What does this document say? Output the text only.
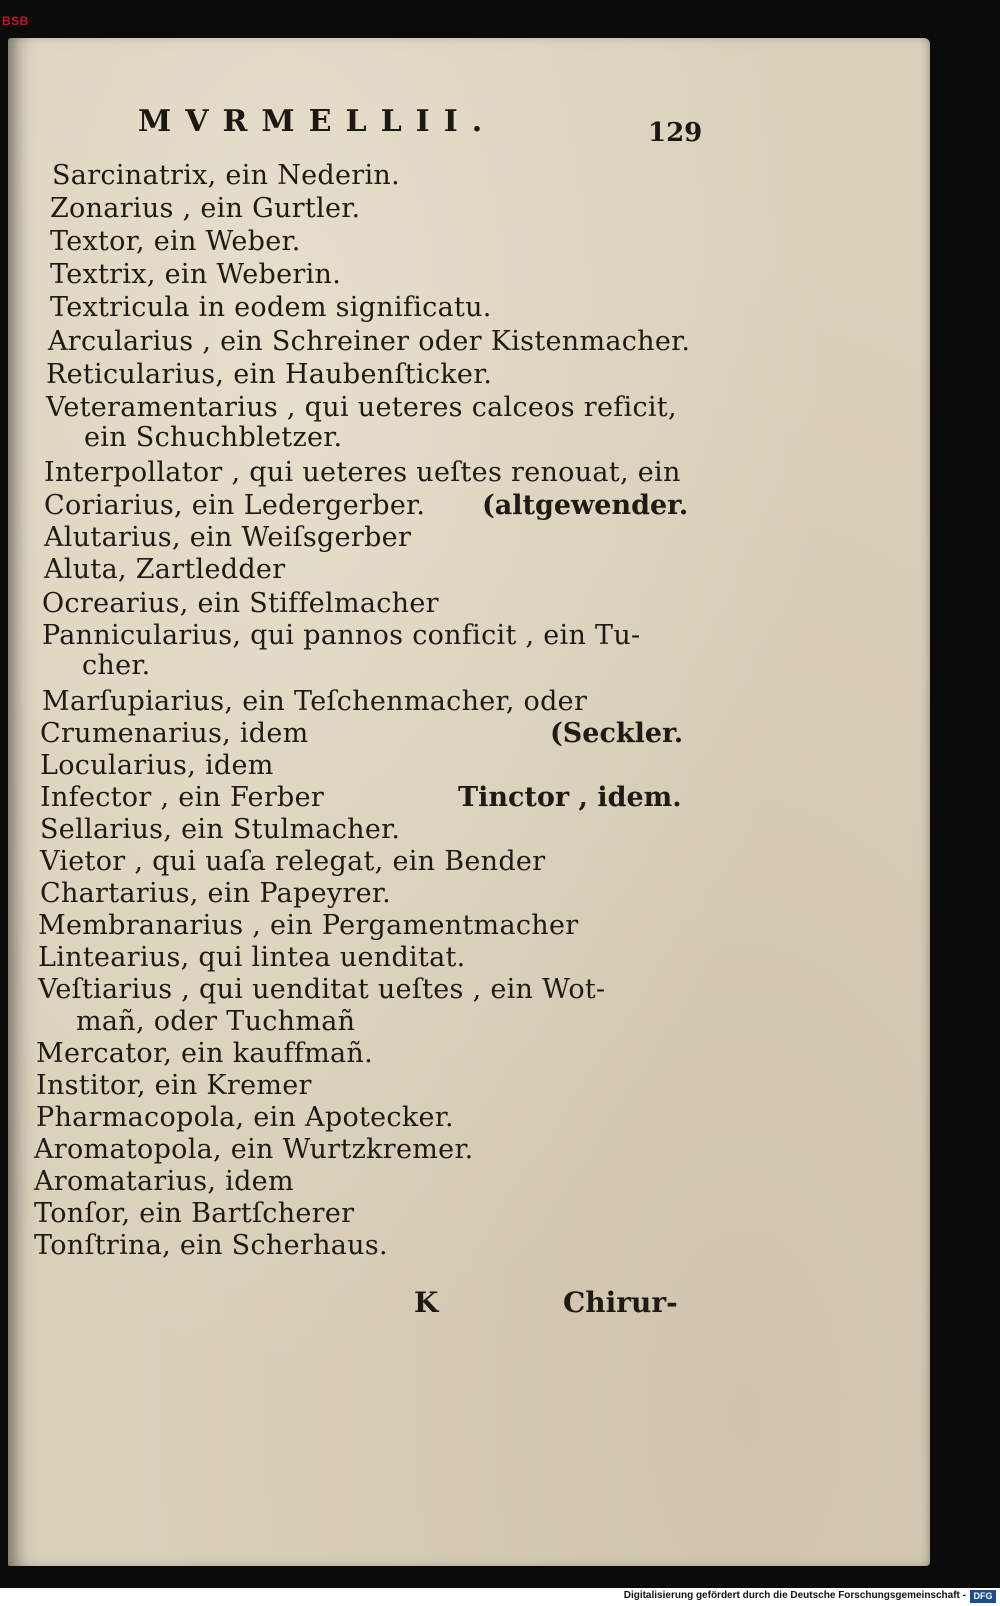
BSB
MVRMELLII.	129
Sarcinatrix, ein Nederin.
Zonarius , ein Gurtler.
Textor, ein Weber.
Textrix, ein Weberin.
Textricula in eodem significatu.
Arcularius , ein Schreiner oder Kistenmacher.
Reticularius, ein Haubenſticker.
Veteramentarius , qui ueteres calceos reficit,
ein Schuchbletzer.
Interpollator , qui ueteres ueſtes renouat, ein
Coriarius, ein Ledergerber.
Alutarius, ein Weiſsgerber
Aluta, Zartledder
Ocrearius, ein Stiffelmacher
Pannicularius, qui pannos conficit , ein Tu-
cher.
Marſupiarius, ein Teſchenmacher, oder
Crumenarius, idem
Locularius, idem
Infector , ein Ferber
Sellarius, ein Stulmacher.
Vietor , qui uaſa relegat, ein Bender
Chartarius, ein Papeyrer.
Membranarius , ein Pergamentmacher
Lintearius, qui lintea uenditat.
Veſtiarius , qui uenditat ueſtes , ein Wot-
mañ, oder Tuchmañ
Mercator, ein kauffmañ.
Institor, ein Kremer
Pharmacopola, ein Apotecker.
Aromatopola, ein Wurtzkremer.
Aromatarius, idem
Tonſor, ein Bartſcherer
Tonſtrina, ein Scherhaus.
(altgewender.
(Seckler.
Tinctor , idem.
K	Chirur-
Digitalisierung gefördert durch die Deutsche Forschungsgemeinschaft - DFG
